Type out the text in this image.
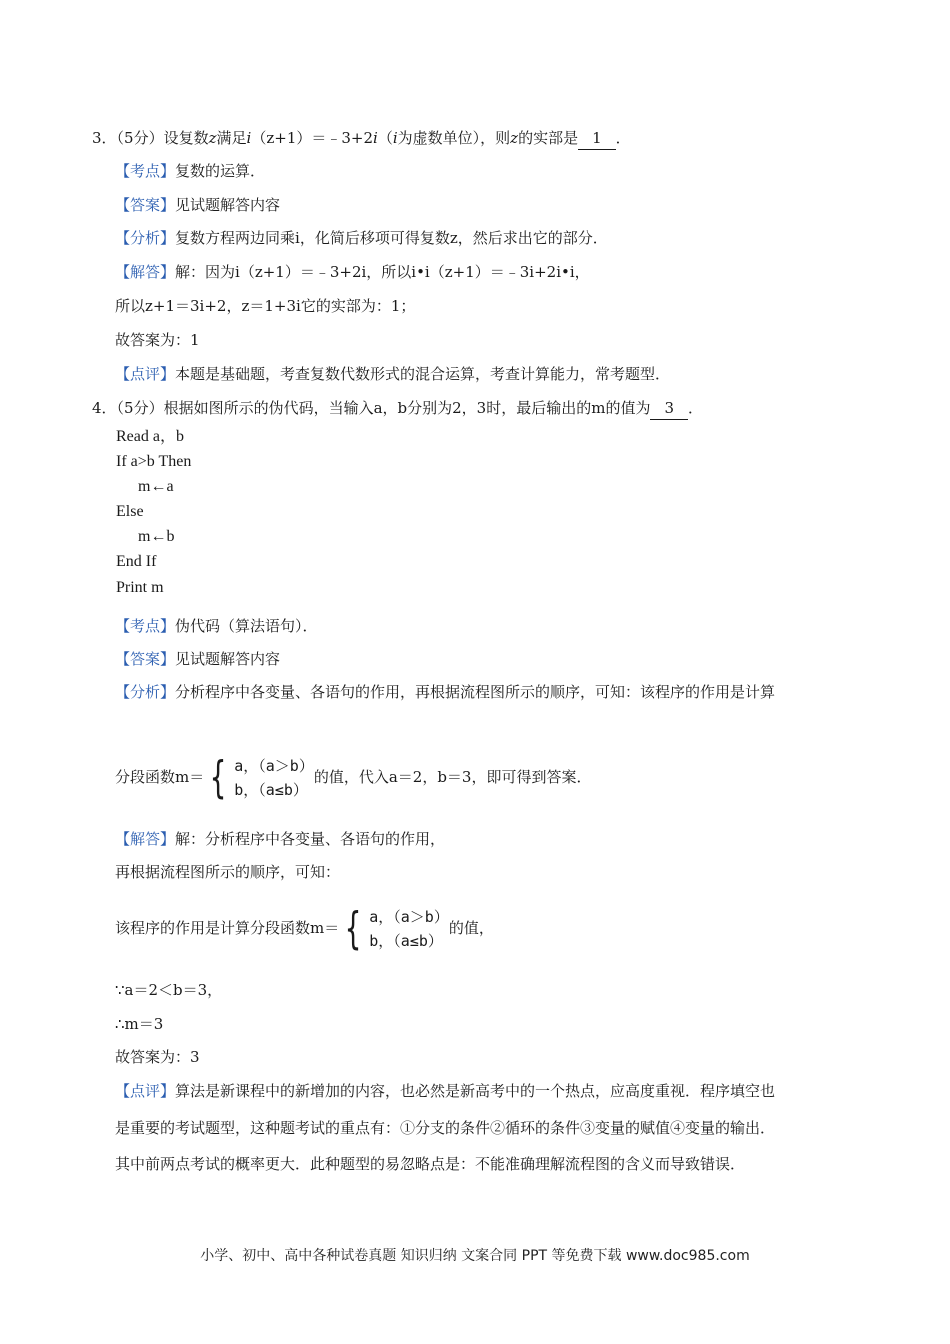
3．（5分）设复数z满足i（z+1）＝﹣3+2i（i为虚数单位），则z的实部是 1 ．
【考点】复数的运算．
【答案】见试题解答内容
【分析】复数方程两边同乘i，化简后移项可得复数z，然后求出它的部分．
【解答】解：因为i（z+1）＝﹣3+2i，所以i•i（z+1）＝﹣3i+2i•i，
所以z+1＝3i+2，z＝1+3i它的实部为：1；
故答案为：1
【点评】本题是基础题，考查复数代数形式的混合运算，考查计算能力，常考题型．
4．（5分）根据如图所示的伪代码，当输入a，b分别为2，3时，最后输出的m的值为 3 ．
Read a，b
If a>b Then
m←a
Else
m←b
End If
Print m
【考点】伪代码（算法语句）．
【答案】见试题解答内容
【分析】分析程序中各变量、各语句的作用，再根据流程图所示的顺序，可知：该程序的作用是计算
分段函数m＝ { a，（a＞b）
b，（a≤b）
的值，代入a＝2，b＝3，即可得到答案．
【解答】解：分析程序中各变量、各语句的作用，
再根据流程图所示的顺序，可知：
该程序的作用是计算分段函数m＝ { a，（a＞b）
b，（a≤b）
的值，
∵a＝2＜b＝3，
∴m＝3
故答案为：3
【点评】算法是新课程中的新增加的内容，也必然是新高考中的一个热点，应高度重视．程序填空也
是重要的考试题型，这种题考试的重点有：①分支的条件②循环的条件③变量的赋值④变量的输出．
其中前两点考试的概率更大．此种题型的易忽略点是：不能准确理解流程图的含义而导致错误．
小学、初中、高中各种试卷真题 知识归纳 文案合同 PPT 等免费下载 www.doc985.com
